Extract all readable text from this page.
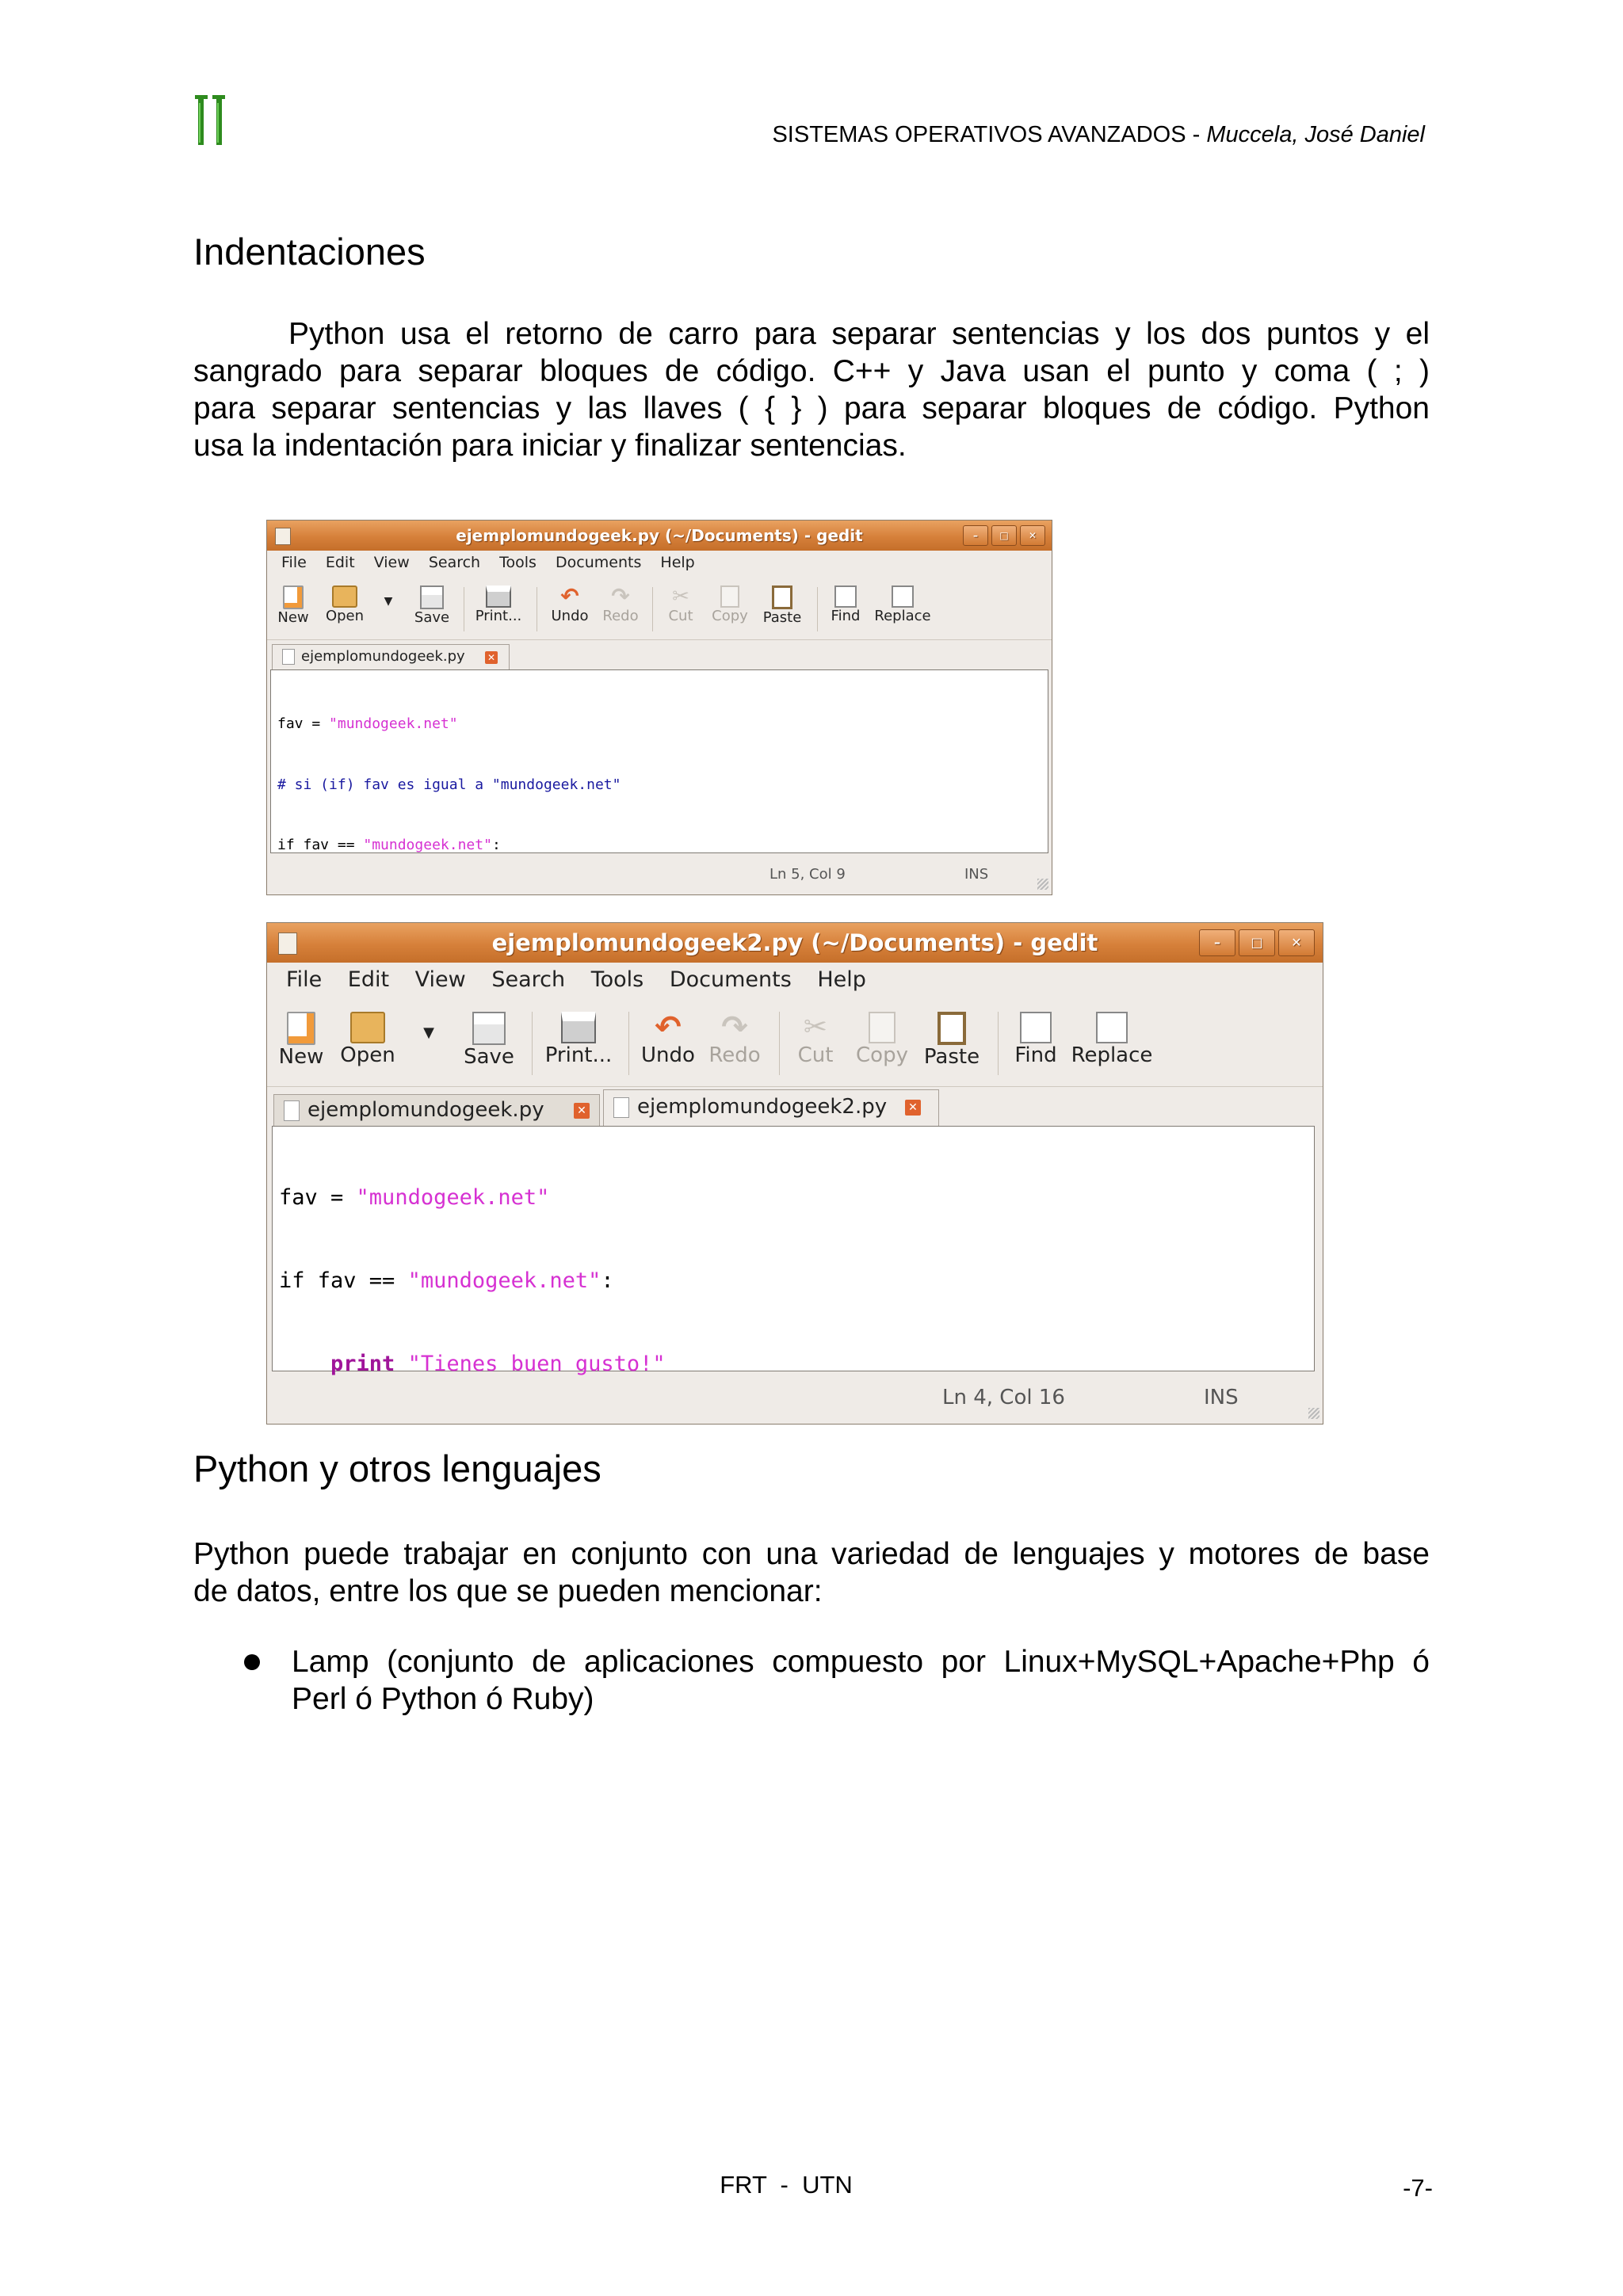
SISTEMAS OPERATIVOS AVANZADOS - Muccela, José Daniel
Indentaciones

Python usa el retorno de carro para separar sentencias y los dos puntos y el
sangrado para separar bloques de código. C++ y Java usan el punto y coma ( ; )
para separar sentencias y las llaves ( { } ) para separar bloques de código. Python
usa la indentación para iniciar y finalizar sentencias.

ejemplomundogeek.py (~/Documents) - gedit	–	□	✕
File Edit View Search Tools Documents Help
New	Open
▼
Save	Print...
↶
Undo
↷
Redo
✂
Cut	Copy	Paste	Find Replace
ejemplomundogeek.py ✕

fav = "mundogeek.net"

# si (if) fav es igual a "mundogeek.net"

if fav == "mundogeek.net":

Ln 5, Col 9	INS
ejemplomundogeek2.py (~/Documents) - gedit	–	□	✕
File Edit View Search Tools Documents Help
New Open
▼
Save	Print...
↶
Undo
↷
Redo
✂
Cut	Copy Paste	Find Replace
ejemplomundogeek.py	✕	ejemplomundogeek2.py ✕

fav = "mundogeek.net"

if fav == "mundogeek.net":

print "Tienes buen gusto!"

Ln 4, Col 16	INS
Python y otros lenguajes

Python puede trabajar en conjunto con una variedad de lenguajes y motores de base
de datos, entre los que se pueden mencionar:

Lamp (conjunto de aplicaciones compuesto por Linux+MySQL+Apache+Php ó
Perl ó Python ó Ruby)

FRT  -  UTN	-7-
